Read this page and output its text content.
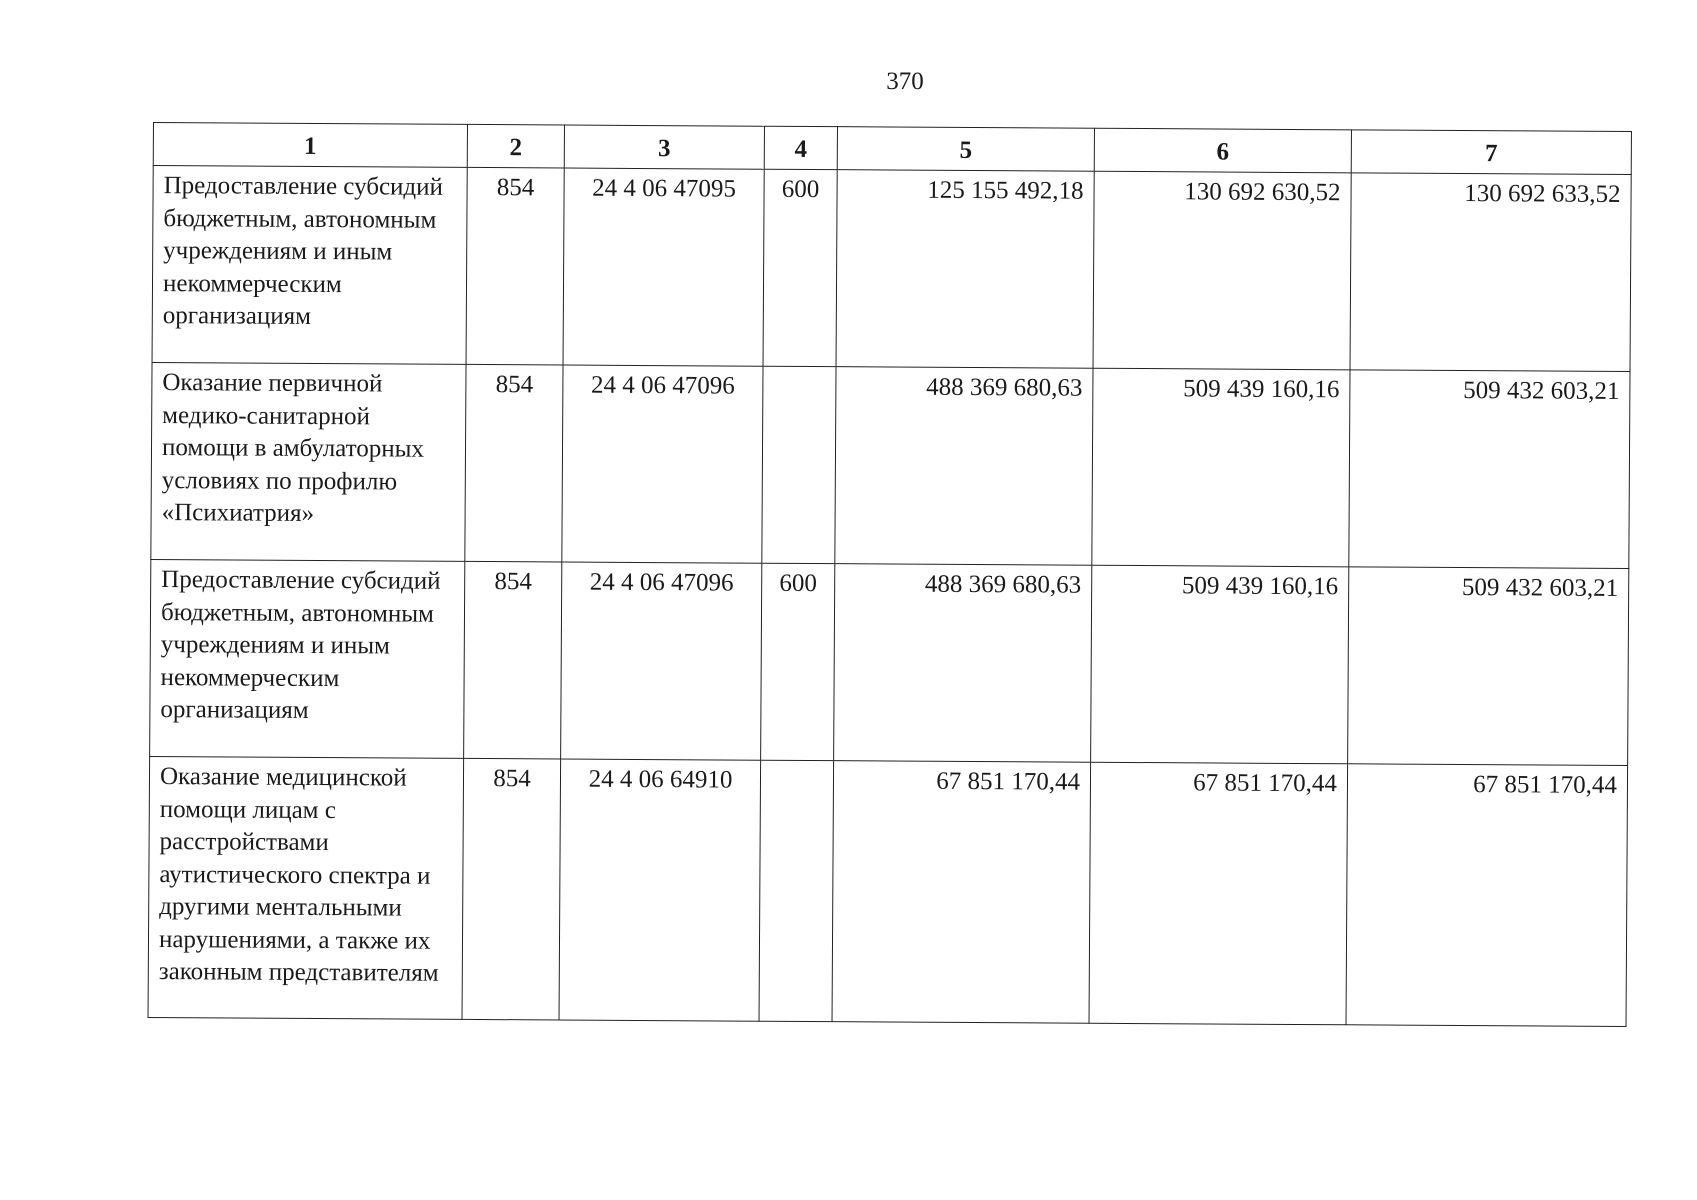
370
1	2	3	4	5	6	7
Предоставление субсидий бюджетным, автономным учреждениям и иным некоммерческим организациям	854	24 4 06 47095	600	125 155 492,18	130 692 630,52	130 692 633,52
Оказание первичной медико-санитарной помощи в амбулаторных условиях по профилю «Психиатрия»	854	24 4 06 47096		488 369 680,63	509 439 160,16	509 432 603,21
Предоставление субсидий бюджетным, автономным учреждениям и иным некоммерческим организациям	854	24 4 06 47096	600	488 369 680,63	509 439 160,16	509 432 603,21
Оказание медицинской помощи лицам с расстройствами аутистического спектра и другими ментальными нарушениями, а также их законным представителям	854	24 4 06 64910		67 851 170,44	67 851 170,44	67 851 170,44
